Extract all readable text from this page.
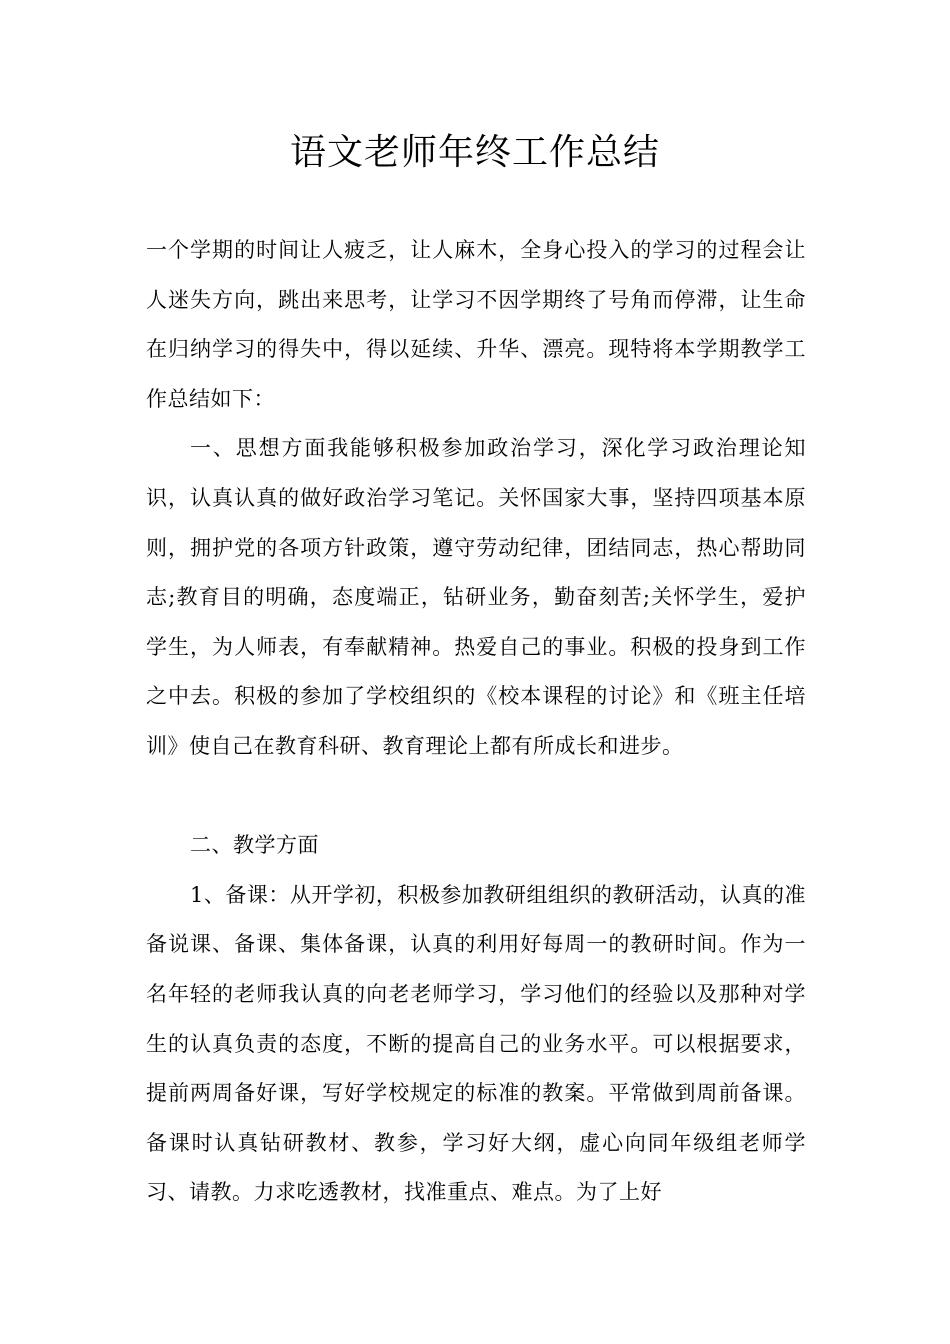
语文老师年终工作总结

一个学期的时间让人疲乏，让人麻木，全身心投入的学习的过程会让人迷失方向，跳出来思考，让学习不因学期终了号角而停滞，让生命在归纳学习的得失中，得以延续、升华、漂亮。现特将本学期教学工作总结如下：

一、思想方面我能够积极参加政治学习，深化学习政治理论知识，认真认真的做好政治学习笔记。关怀国家大事，坚持四项基本原则，拥护党的各项方针政策，遵守劳动纪律，团结同志，热心帮助同志;教育目的明确，态度端正，钻研业务，勤奋刻苦;关怀学生，爱护学生，为人师表，有奉献精神。热爱自己的事业。积极的投身到工作之中去。积极的参加了学校组织的《校本课程的讨论》和《班主任培训》使自己在教育科研、教育理论上都有所成长和进步。

二、教学方面

1、备课：从开学初，积极参加教研组组织的教研活动，认真的准备说课、备课、集体备课，认真的利用好每周一的教研时间。作为一名年轻的老师我认真的向老老师学习，学习他们的经验以及那种对学生的认真负责的态度，不断的提高自己的业务水平。可以根据要求，提前两周备好课，写好学校规定的标准的教案。平常做到周前备课。备课时认真钻研教材、教参，学习好大纲，虚心向同年级组老师学习、请教。力求吃透教材，找准重点、难点。为了上好
